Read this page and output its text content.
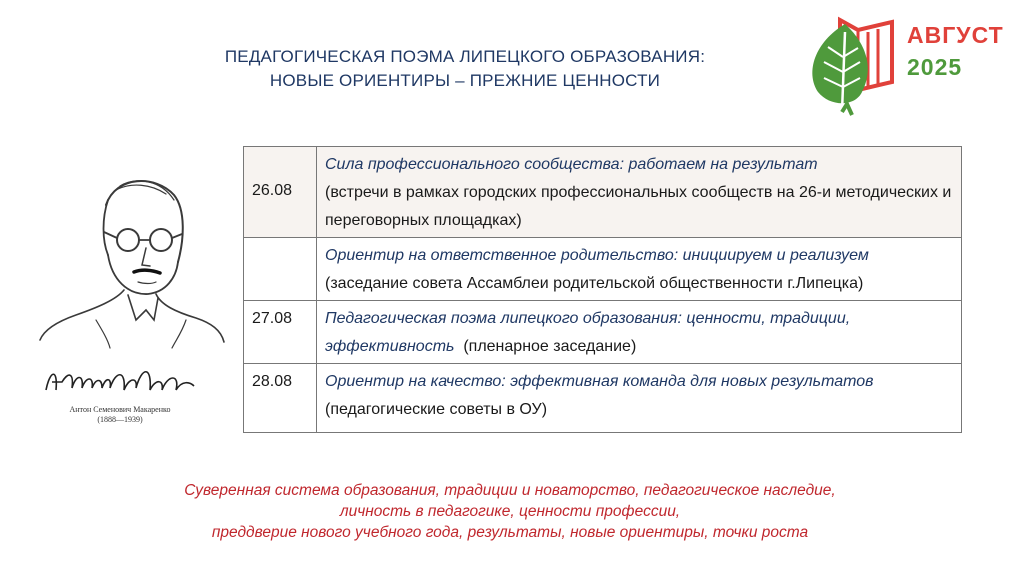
ПЕДАГОГИЧЕСКАЯ ПОЭМА ЛИПЕЦКОГО ОБРАЗОВАНИЯ:
НОВЫЕ ОРИЕНТИРЫ – ПРЕЖНИЕ ЦЕННОСТИ
АВГУСТ
2025
Антон Семенович Макаренко
(1888—1939)
26.08	Сила профессионального сообщества: работаем на результат
(встречи в рамках городских профессиональных сообществ на 26-и методических и переговорных площадках)
	Ориентир на ответственное родительство: инициируем и реализуем (заседание совета Ассамблеи родительской общественности г.Липецка)
27.08	Педагогическая поэма липецкого образования: ценности, традиции, эффективность (пленарное заседание)
28.08	Ориентир на качество: эффективная команда для новых результатов   (педагогические советы в ОУ)
Суверенная система образования, традиции и новаторство, педагогическое наследие,
личность в педагогике, ценности профессии,
преддверие нового учебного года, результаты, новые ориентиры, точки роста
